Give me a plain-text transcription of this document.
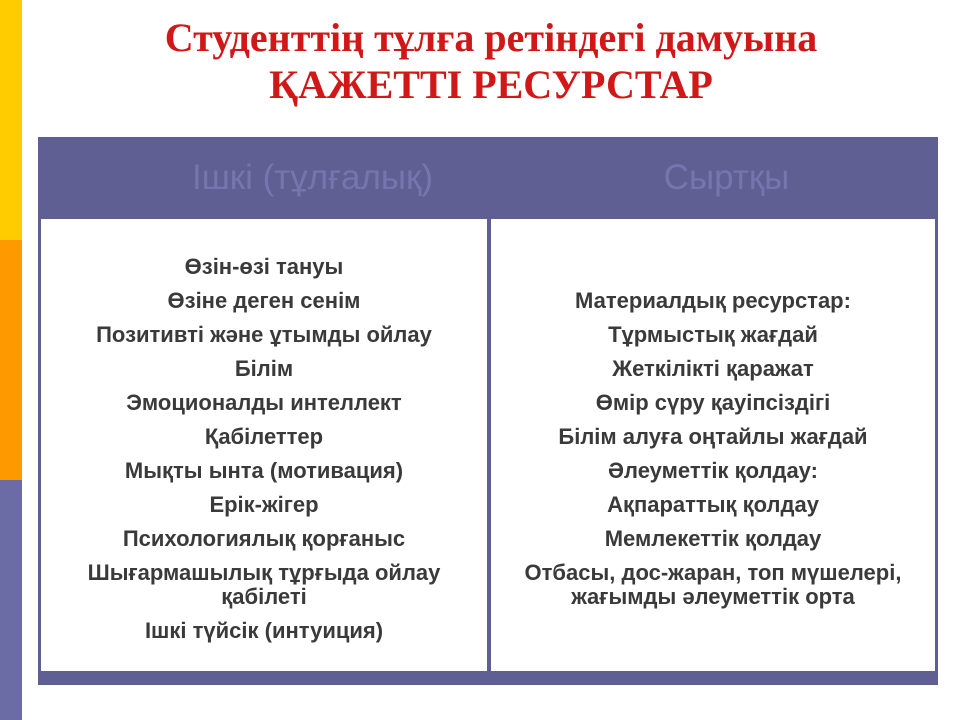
Студенттің тұлға ретіндегі дамуына
ҚАЖЕТТІ РЕСУРСТАР
Ішкі (тұлғалық)	Сыртқы
Өзін-өзі тануы
Өзіне деген сенім
Позитивті және ұтымды ойлау
Білім
Эмоционалды интеллект
Қабілеттер
Мықты ынта (мотивация)
Ерік-жігер
Психологиялық қорғаныс
Шығармашылық тұрғыда ойлау қабілеті
Ішкі түйсік (интуиция)
Материалдық ресурстар:
Тұрмыстық жағдай
Жеткілікті қаражат
Өмір сүру қауіпсіздігі
Білім алуға оңтайлы жағдай
Әлеуметтік қолдау:
Ақпараттық қолдау
Мемлекеттік қолдау
Отбасы, дос-жаран, топ мүшелері, жағымды әлеуметтік орта
